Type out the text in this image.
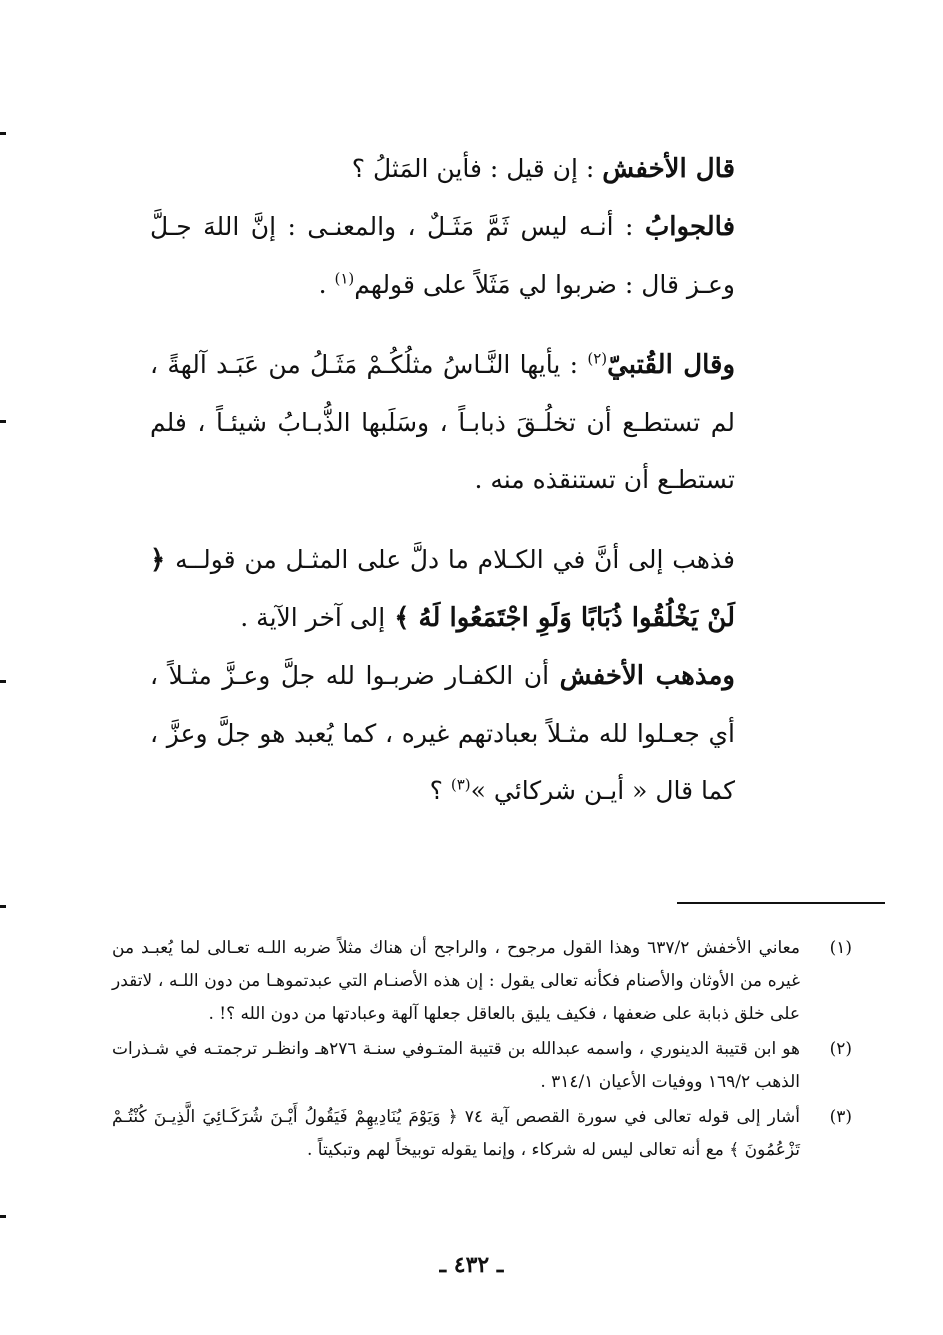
قال الأخفش : إن قيل : فأين المَثلُ ؟

فالجوابُ : أنـه ليس ثَمَّ مَثَـلٌ ، والمعنـى : إنَّ اللهَ جـلَّ وعـز قال : ضربوا لي مَثَلاً على قولهم$^{(١)}$ .

وقال القُتبيّ$^{(٢)}$ : يأيها النَّـاسُ مثلُكُـمْ مَثَـلُ من عَبَـد آلهةً ، لم تستطـع أن تخلُـقَ ذبابـاً ، وسَلَبها الذُّبـابُ شيئـاً ، فلم تستطـع أن تستنقذه منه .

فذهب إلى أنَّ في الكـلام ما دلَّ على المثـل من قولــه ﴿ لَنْ يَخْلُقُوا ذُبَابًا وَلَوِ اجْتَمَعُوا لَهُ ﴾ إلى آخر الآية .

ومذهب الأخفش أن الكفـار ضربـوا لله جلَّ وعـزَّ مثـلاً ، أي جعـلوا لله مثـلاً بعبادتهم غيره ، كما يُعبد هو جلَّ وعزَّ ، كما قال « أيـن شركائي »$^{(٣)}$ ؟

(١)
معاني الأخفش ٦٣٧/٢ وهذا القول مرجوح ، والراجح أن هناك مثلاً ضربه اللـه تعـالى لما يُعبـد من غيره من الأوثان والأصنام فكأنه تعالى يقول : إن هذه الأصنـام التي عبدتموهـا من دون اللـه ، لاتقدر على خلق ذبابة على ضعفها ، فكيف يليق بالعاقل جعلها آلهة وعبادتها من دون الله ؟! .
(٢)
هو ابن قتيبة الدينوري ، واسمه عبدالله بن قتيبة المتـوفي سنـة ٢٧٦هـ وانظـر ترجمتـه في شـذرات الذهب ١٦٩/٢ ووفيات الأعيان ٣١٤/١ .
(٣)
أشار إلى قوله تعالى في سورة القصص آية ٧٤ ﴿ وَيَوْمَ يُنَادِيهِمْ فَيَقُولُ أَيْـنَ شُرَكَـائِيَ الَّذِيـنَ كُنْتُـمْ تَزْعُمُونَ ﴾ مع أنه تعالى ليس له شركاء ، وإنما يقوله توبيخاً لهم وتبكيتاً .
ـ ٤٣٢ ـ
